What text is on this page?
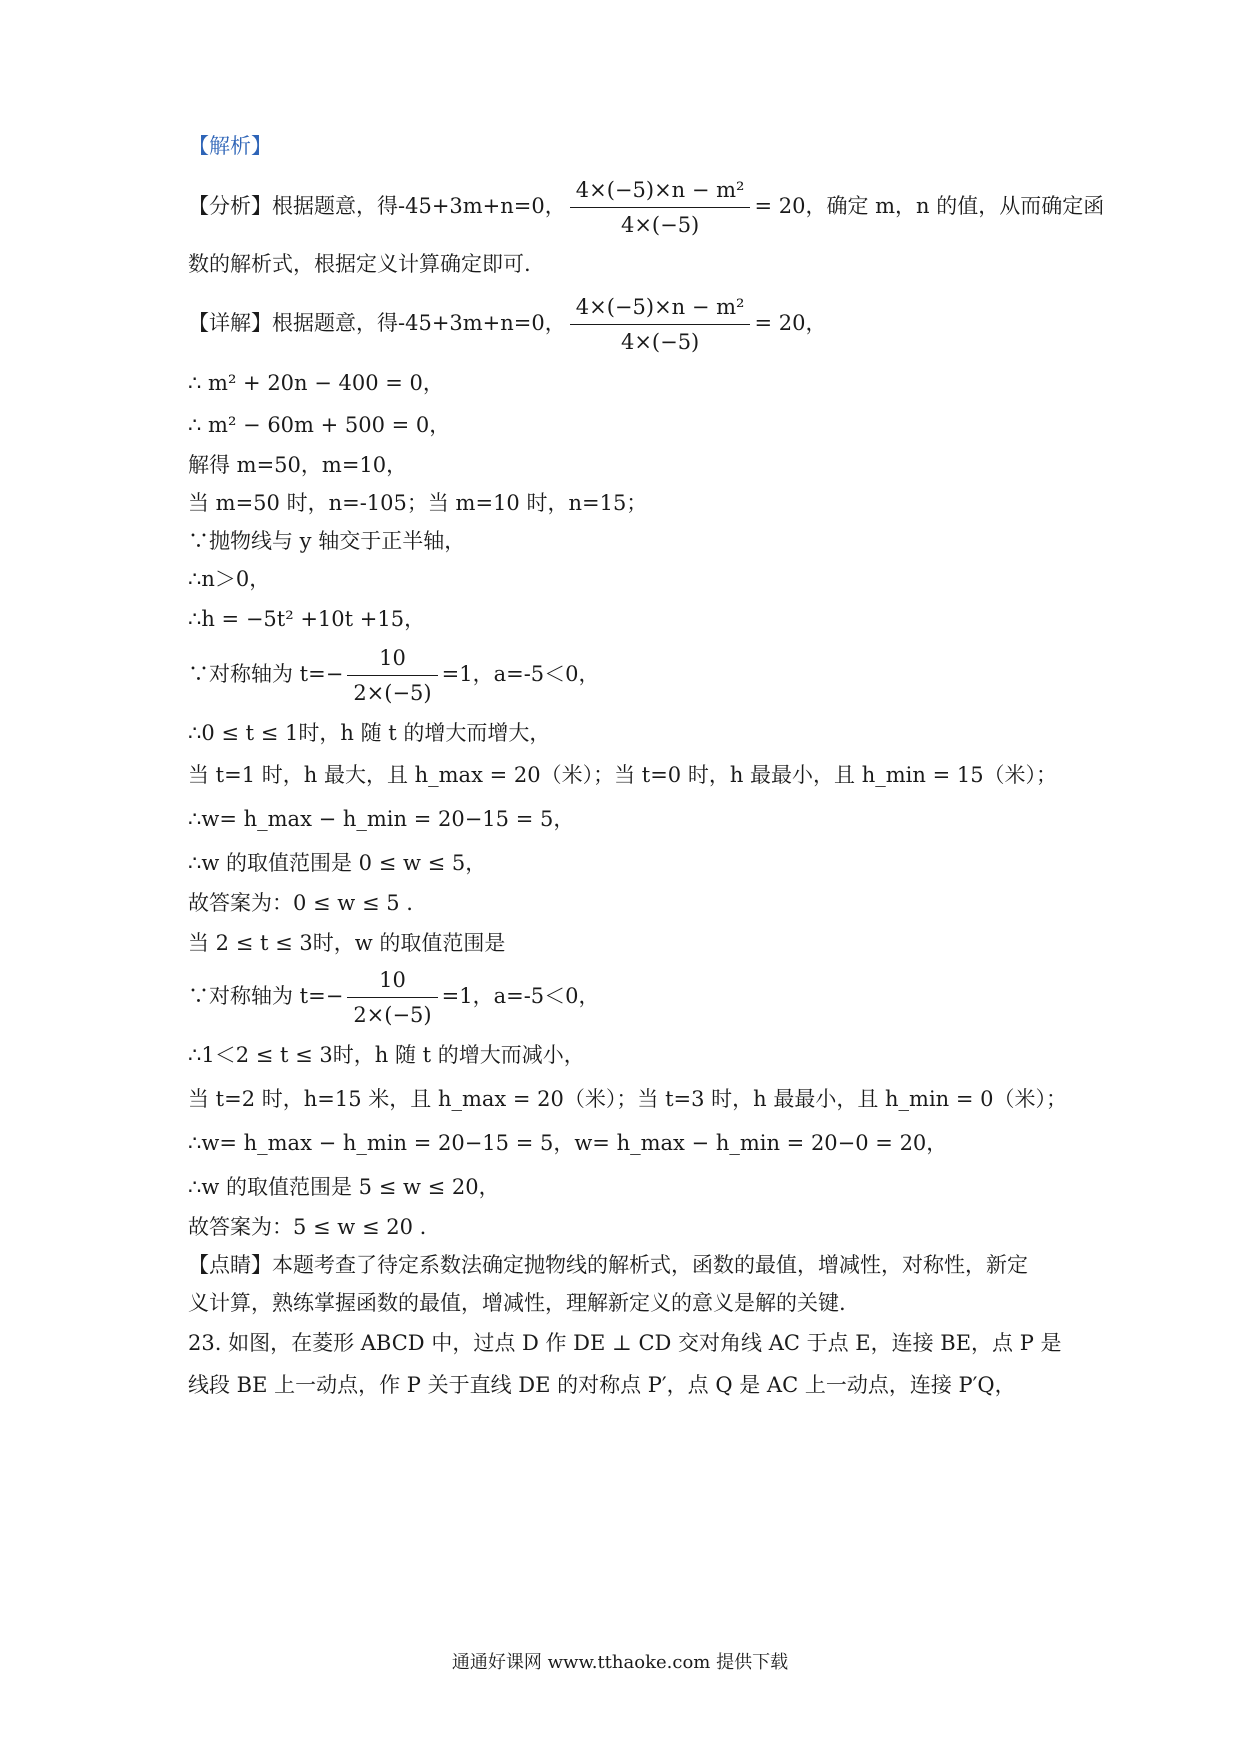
【解析】
【分析】根据题意，得-45+3m+n=0， $\frac{\text{4×(−5)×n − m²}}{4\times(-5)} = 20$，确定 m，n 的值，从而确定函
数的解析式，根据定义计算确定即可.
【详解】根据题意，得-45+3m+n=0， $\frac{\text{4×(−5)×n − m²}}{4\times(-5)} = 20$，
∴ m² + 20n − 400 = 0，
∴ m² − 60m + 500 = 0，
解得 m=50，m=10，
当 m=50 时，n=-105；当 m=10 时，n=15；
∵抛物线与 y 轴交于正半轴，
∴n＞0，
∴h = −5t² +10t +15，
∵对称轴为 $t=- \frac{10}{2\times(-5)} =1$，a=-5＜0，
∴0 ≤ t ≤ 1时，h 随 t 的增大而增大，
当 t=1 时，h 最大，且 h_max = 20（米）；当 t=0 时，h 最最小，且 h_min = 15（米）；
∴w= h_max − h_min = 20−15 = 5，
∴w 的取值范围是 0 ≤ w ≤ 5，
故答案为：0 ≤ w ≤ 5 .
当 2 ≤ t ≤ 3时，w 的取值范围是
∵对称轴为 $t=- \frac{10}{2\times(-5)} =1$，a=-5＜0，
∴1＜2 ≤ t ≤ 3时，h 随 t 的增大而减小，
当 t=2 时，h=15 米，且 h_max = 20（米）；当 t=3 时，h 最最小，且 h_min = 0（米）；
∴w= h_max − h_min = 20−15 = 5，w= h_max − h_min = 20−0 = 20，
∴w 的取值范围是 5 ≤ w ≤ 20，
故答案为：5 ≤ w ≤ 20 .
【点睛】本题考查了待定系数法确定抛物线的解析式，函数的最值，增减性，对称性，新定
义计算，熟练掌握函数的最值，增减性，理解新定义的意义是解的关键.
23. 如图，在菱形 ABCD 中，过点 D 作 DE ⊥ CD 交对角线 AC 于点 E，连接 BE，点 P 是
线段 BE 上一动点，作 P 关于直线 DE 的对称点 P′，点 Q 是 AC 上一动点，连接 P′Q，
通通好课网 www.tthaoke.com 提供下载
